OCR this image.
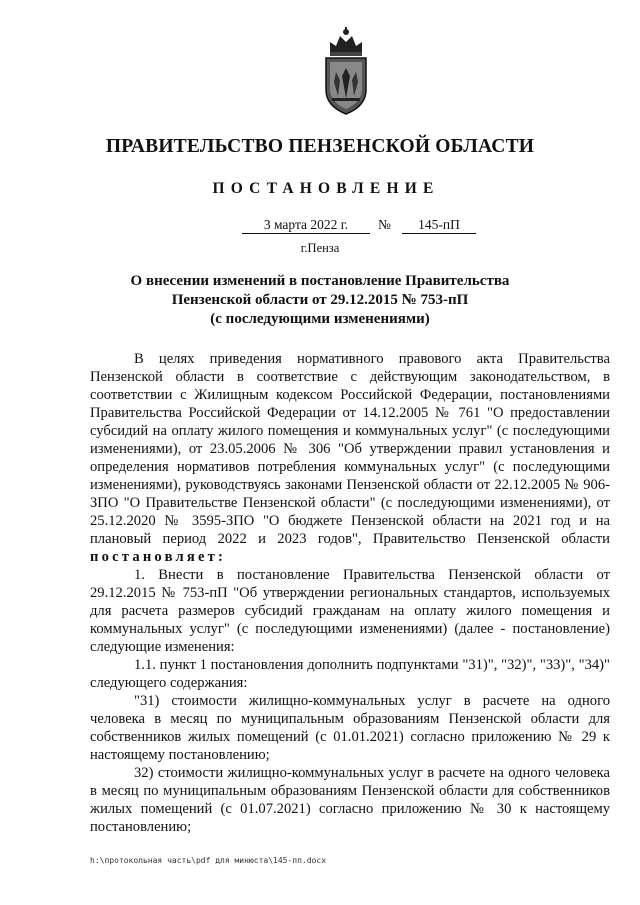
ПРАВИТЕЛЬСТВО ПЕНЗЕНСКОЙ ОБЛАСТИ
ПОСТАНОВЛЕНИЕ
3 марта 2022 г.	№	145-пП
г.Пенза
О внесении изменений в постановление Правительства
Пензенской области от 29.12.2015 № 753-пП
(с последующими изменениями)

В целях приведения нормативного правового акта Правительства Пензенской области в соответствие с действующим законодательством, в соответствии с Жилищным кодексом Российской Федерации, постановлениями Правительства Российской Федерации от 14.12.2005 № 761 "О предоставлении субсидий на оплату жилого помещения и коммунальных услуг" (с последующими изменениями), от 23.05.2006 № 306 "Об утверждении правил установления и определения нормативов потребления коммунальных услуг" (с последующими изменениями), руководствуясь законами Пензенской области от 22.12.2005 № 906-ЗПО "О Правительстве Пензенской области" (с последующими изменениями), от 25.12.2020 № 3595-ЗПО "О бюджете Пензенской области на 2021 год и на плановый период 2022 и 2023 годов", Правительство Пензенской области постановляет:

1. Внести в постановление Правительства Пензенской области от 29.12.2015 № 753-пП "Об утверждении региональных стандартов, используемых для расчета размеров субсидий гражданам на оплату жилого помещения и коммунальных услуг" (с последующими изменениями) (далее - постановление) следующие изменения:

1.1. пункт 1 постановления дополнить подпунктами "31)", "32)", "33)", "34)" следующего содержания:

"31) стоимости жилищно-коммунальных услуг в расчете на одного человека в месяц по муниципальным образованиям Пензенской области для собственников жилых помещений (с 01.01.2021) согласно приложению № 29 к настоящему постановлению;

32) стоимости жилищно-коммунальных услуг в расчете на одного человека в месяц по муниципальным образованиям Пензенской области для собственников жилых помещений (с 01.07.2021) согласно приложению № 30 к настоящему постановлению;

h:\протокольная часть\pdf для минюста\145-пп.docx
